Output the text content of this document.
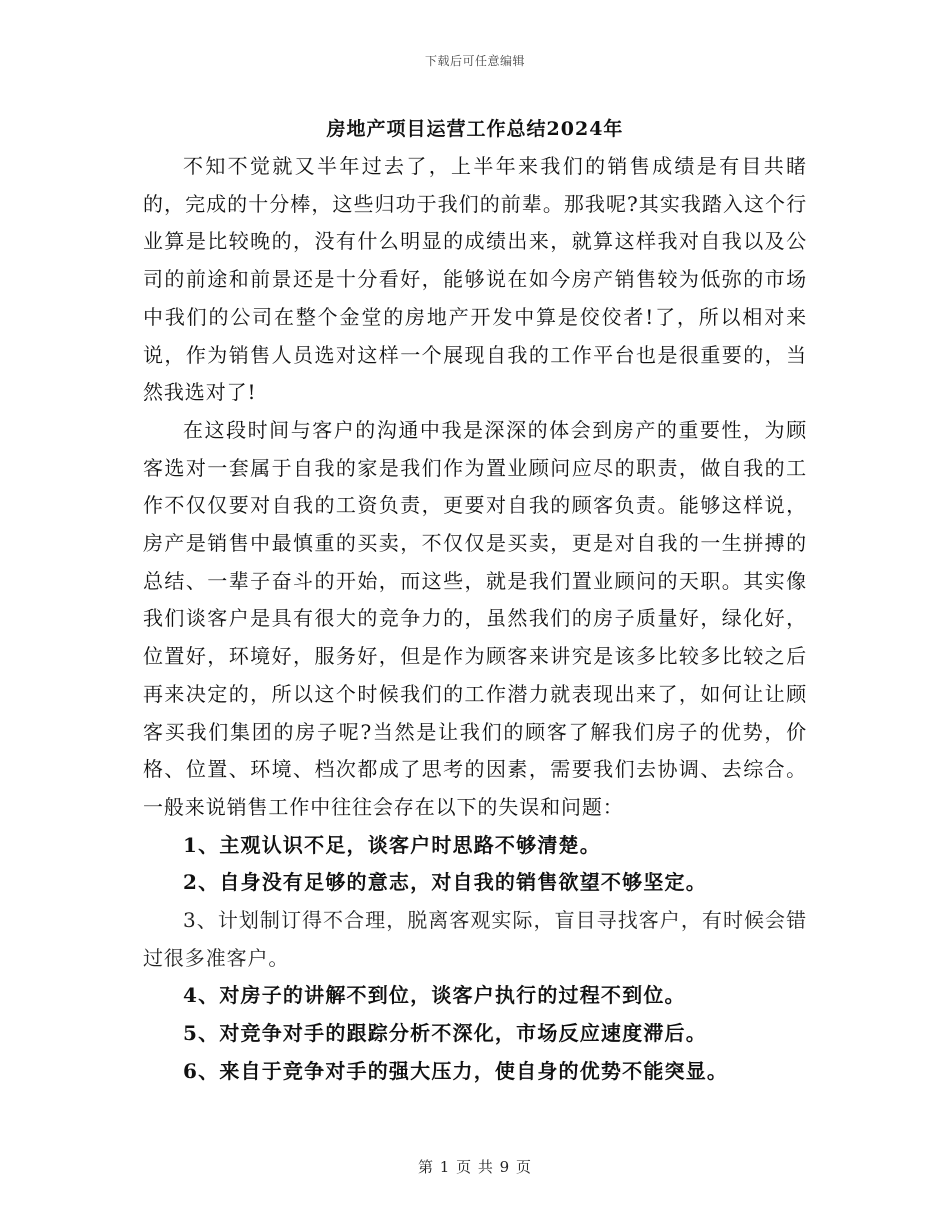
下载后可任意编辑
房地产项目运营工作总结2024年

不知不觉就又半年过去了，上半年来我们的销售成绩是有目共睹的，完成的十分棒，这些归功于我们的前辈。那我呢?其实我踏入这个行业算是比较晚的，没有什么明显的成绩出来，就算这样我对自我以及公司的前途和前景还是十分看好，能够说在如今房产销售较为低弥的市场中我们的公司在整个金堂的房地产开发中算是佼佼者!了，所以相对来说，作为销售人员选对这样一个展现自我的工作平台也是很重要的，当然我选对了!

在这段时间与客户的沟通中我是深深的体会到房产的重要性，为顾客选对一套属于自我的家是我们作为置业顾问应尽的职责，做自我的工作不仅仅要对自我的工资负责，更要对自我的顾客负责。能够这样说，房产是销售中最慎重的买卖，不仅仅是买卖，更是对自我的一生拼搏的总结、一辈子奋斗的开始，而这些，就是我们置业顾问的天职。其实像我们谈客户是具有很大的竞争力的，虽然我们的房子质量好，绿化好，位置好，环境好，服务好，但是作为顾客来讲究是该多比较多比较之后再来决定的，所以这个时候我们的工作潜力就表现出来了，如何让让顾客买我们集团的房子呢?当然是让我们的顾客了解我们房子的优势，价格、位置、环境、档次都成了思考的因素，需要我们去协调、去综合。一般来说销售工作中往往会存在以下的失误和问题：

1、主观认识不足，谈客户时思路不够清楚。

2、自身没有足够的意志，对自我的销售欲望不够坚定。

3、计划制订得不合理，脱离客观实际，盲目寻找客户，有时候会错过很多准客户。

4、对房子的讲解不到位，谈客户执行的过程不到位。

5、对竞争对手的跟踪分析不深化，市场反应速度滞后。

6、来自于竞争对手的强大压力，使自身的优势不能突显。

第 1 页 共 9 页
